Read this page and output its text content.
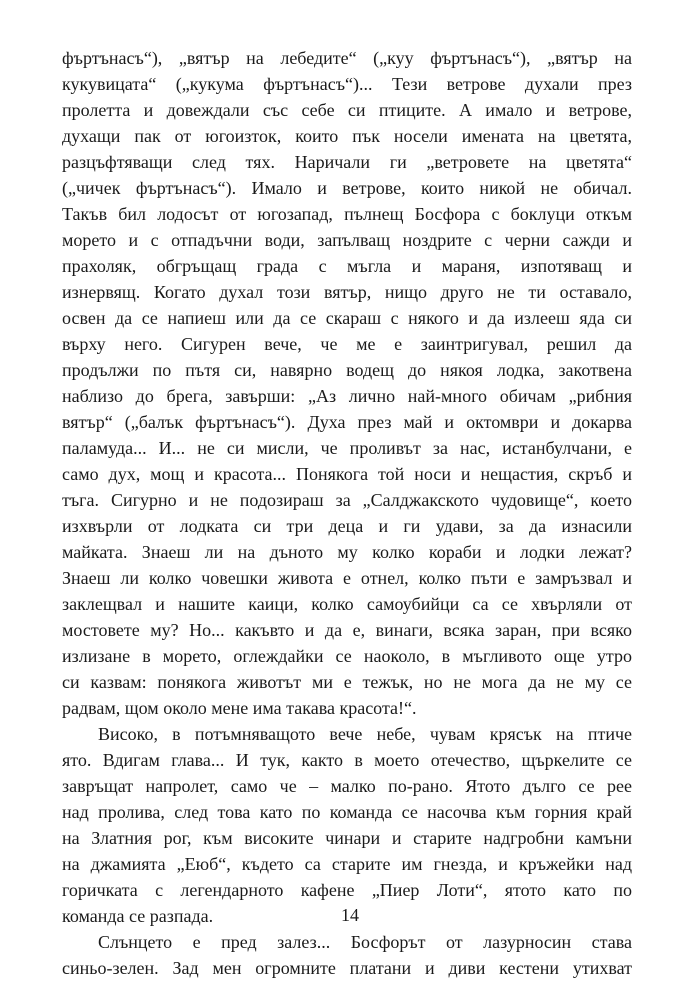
фъртънасъ“), „вятър на лебедите“ („куу фъртънасъ“), „вятър на
кукувицата“ („кукума фъртънасъ“)... Тези ветрове духали през
пролетта и довеждали със себе си птиците. А имало и ветрове,
духащи пак от югоизток, които пък носели имената на цветята,
разцъфтяващи след тях. Наричали ги „ветровете на цветята“
(„чичек фъртънасъ“). Имало и ветрове, които никой не обичал.
Такъв бил лодосът от югозапад, пълнещ Босфора с боклуци откъм
морето и с отпадъчни води, запълващ ноздрите с черни сажди и
прахоляк, обгръщащ града с мъгла и мараня, изпотяващ и
изнервящ. Когато духал този вятър, нищо друго не ти оставало,
освен да се напиеш или да се скараш с някого и да излееш яда си
върху него. Сигурен вече, че ме е заинтригувал, решил да
продължи по пътя си, навярно водещ до някоя лодка, закотвена
наблизо до брега, завърши: „Аз лично най-много обичам „рибния
вятър“ („балък фъртънасъ“). Духа през май и октомври и докарва
паламуда... И... не си мисли, че проливът за нас, истанбулчани, е
само дух, мощ и красота... Понякога той носи и нещастия, скръб и
тъга. Сигурно и не подозираш за „Салджакското чудовище“, което
изхвърли от лодката си три деца и ги удави, за да изнасили
майката. Знаеш ли на дъното му колко кораби и лодки лежат?
Знаеш ли колко човешки живота е отнел, колко пъти е замръзвал и
заклещвал и нашите каици, колко самоубийци са се хвърляли от
мостовете му? Но... какъвто и да е, винаги, всяка заран, при всяко
излизане в морето, оглеждайки се наоколо, в мъгливото още утро
си казвам: понякога животът ми е тежък, но не мога да не му се
радвам, щом около мене има такава красота!“.
Високо, в потъмняващото вече небе, чувам крясък на птиче
ято. Вдигам глава... И тук, както в моето отечество, щъркелите се
завръщат напролет, само че – малко по-рано. Ятото дълго се рее
над пролива, след това като по команда се насочва към горния край
на Златния рог, към високите чинари и старите надгробни камъни
на джамията „Еюб“, където са старите им гнезда, и кръжейки над
горичката с легендарното кафене „Пиер Лоти“, ятото като по
команда се разпада.
Слънцето е пред залез... Босфорът от лазурносин става
синьо-зелен. Зад мен огромните платани и диви кестени утихват
14
